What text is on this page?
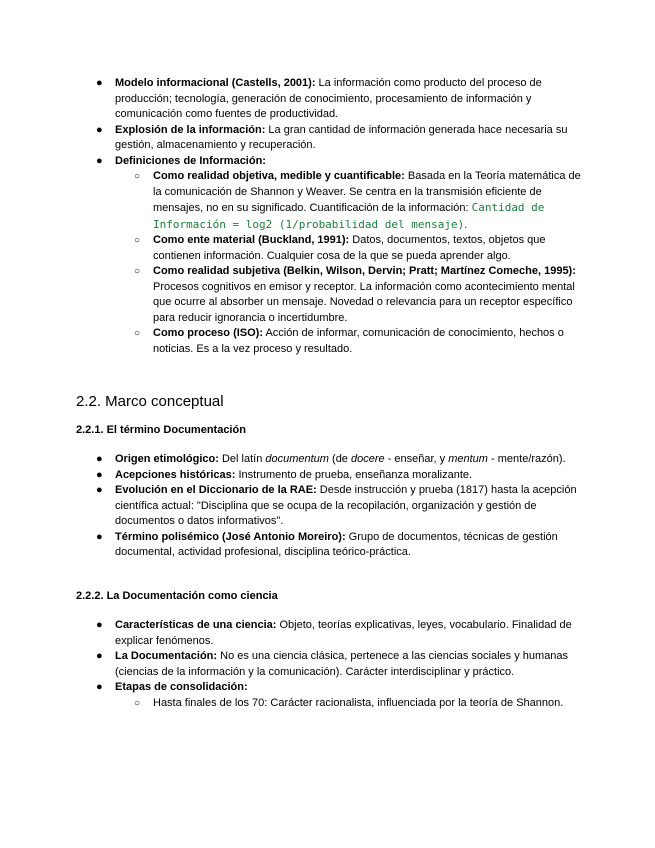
● Modelo informacional (Castells, 2001): La información como producto del proceso de producción; tecnología, generación de conocimiento, procesamiento de información y comunicación como fuentes de productividad.
● Explosión de la información: La gran cantidad de información generada hace necesaria su gestión, almacenamiento y recuperación.
● Definiciones de Información:
○ Como realidad objetiva, medible y cuantificable: Basada en la Teoría matemática de la comunicación de Shannon y Weaver. Se centra en la transmisión eficiente de mensajes, no en su significado. Cuantificación de la información: Cantidad de Información = log2 (1/probabilidad del mensaje).
○ Como ente material (Buckland, 1991): Datos, documentos, textos, objetos que contienen información. Cualquier cosa de la que se pueda aprender algo.
○ Como realidad subjetiva (Belkin, Wilson, Dervin; Pratt; Martínez Comeche, 1995): Procesos cognitivos en emisor y receptor. La información como acontecimiento mental que ocurre al absorber un mensaje. Novedad o relevancia para un receptor específico para reducir ignorancia o incertidumbre.
○ Como proceso (ISO): Acción de informar, comunicación de conocimiento, hechos o noticias. Es a la vez proceso y resultado.
2.2. Marco conceptual
2.2.1. El término Documentación
● Origen etimológico: Del latín documentum (de docere - enseñar, y mentum - mente/razón).
● Acepciones históricas: Instrumento de prueba, enseñanza moralizante.
● Evolución en el Diccionario de la RAE: Desde instrucción y prueba (1817) hasta la acepción científica actual: "Disciplina que se ocupa de la recopilación, organización y gestión de documentos o datos informativos".
● Término polisémico (José Antonio Moreiro): Grupo de documentos, técnicas de gestión documental, actividad profesional, disciplina teórico-práctica.
2.2.2. La Documentación como ciencia
● Características de una ciencia: Objeto, teorías explicativas, leyes, vocabulario. Finalidad de explicar fenómenos.
● La Documentación: No es una ciencia clásica, pertenece a las ciencias sociales y humanas (ciencias de la información y la comunicación). Carácter interdisciplinar y práctico.
● Etapas de consolidación:
○ Hasta finales de los 70: Carácter racionalista, influenciada por la teoría de Shannon.
